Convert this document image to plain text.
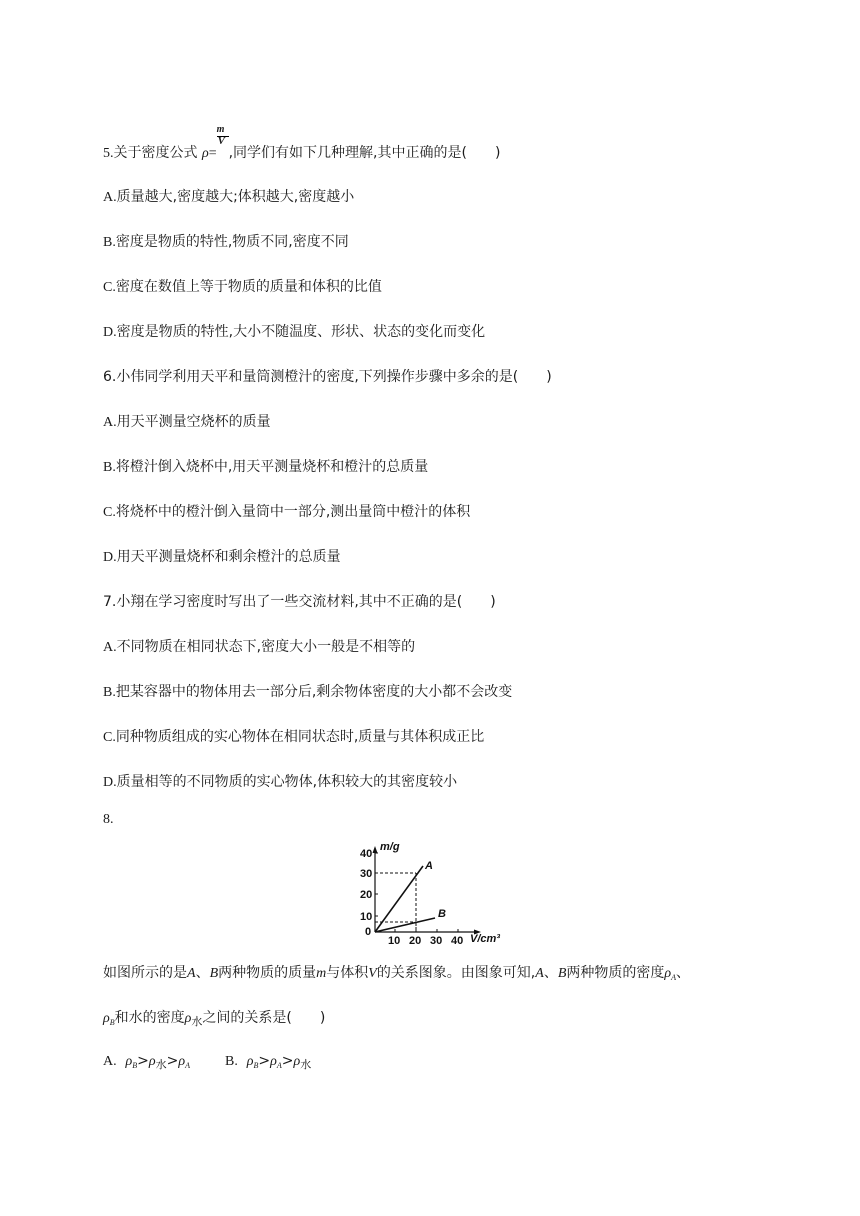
5.关于密度公式 $\rho= \frac{m}{V}$ ,同学们有如下几种理解,其中正确的是(　　)
A.质量越大,密度越大;体积越大,密度越小
B.密度是物质的特性,物质不同,密度不同
C.密度在数值上等于物质的质量和体积的比值
D.密度是物质的特性,大小不随温度、形状、状态的变化而变化
6.小伟同学利用天平和量筒测橙汁的密度,下列操作步骤中多余的是(　　)
A.用天平测量空烧杯的质量
B.将橙汁倒入烧杯中,用天平测量烧杯和橙汁的总质量
C.将烧杯中的橙汁倒入量筒中一部分,测出量筒中橙汁的体积
D.用天平测量烧杯和剩余橙汁的总质量
7.小翔在学习密度时写出了一些交流材料,其中不正确的是(　　)
A.不同物质在相同状态下,密度大小一般是不相等的
B.把某容器中的物体用去一部分后,剩余物体密度的大小都不会改变
C.同种物质组成的实心物体在相同状态时,质量与其体积成正比
D.质量相等的不同物质的实心物体,体积较大的其密度较小
8.
m/g
40
30
20
10
0
10 20 30 40 V/cm³
A
B
如图所示的是A、B两种物质的质量m与体积V的关系图象。由图象可知,A、B两种物质的密度$\rho_A$、
$\rho_B$和水的密度$\rho_水$之间的关系是(　　)
A. $\rho_B>\rho_水>\rho_A$	B. $\rho_B>\rho_A>\rho_水$
